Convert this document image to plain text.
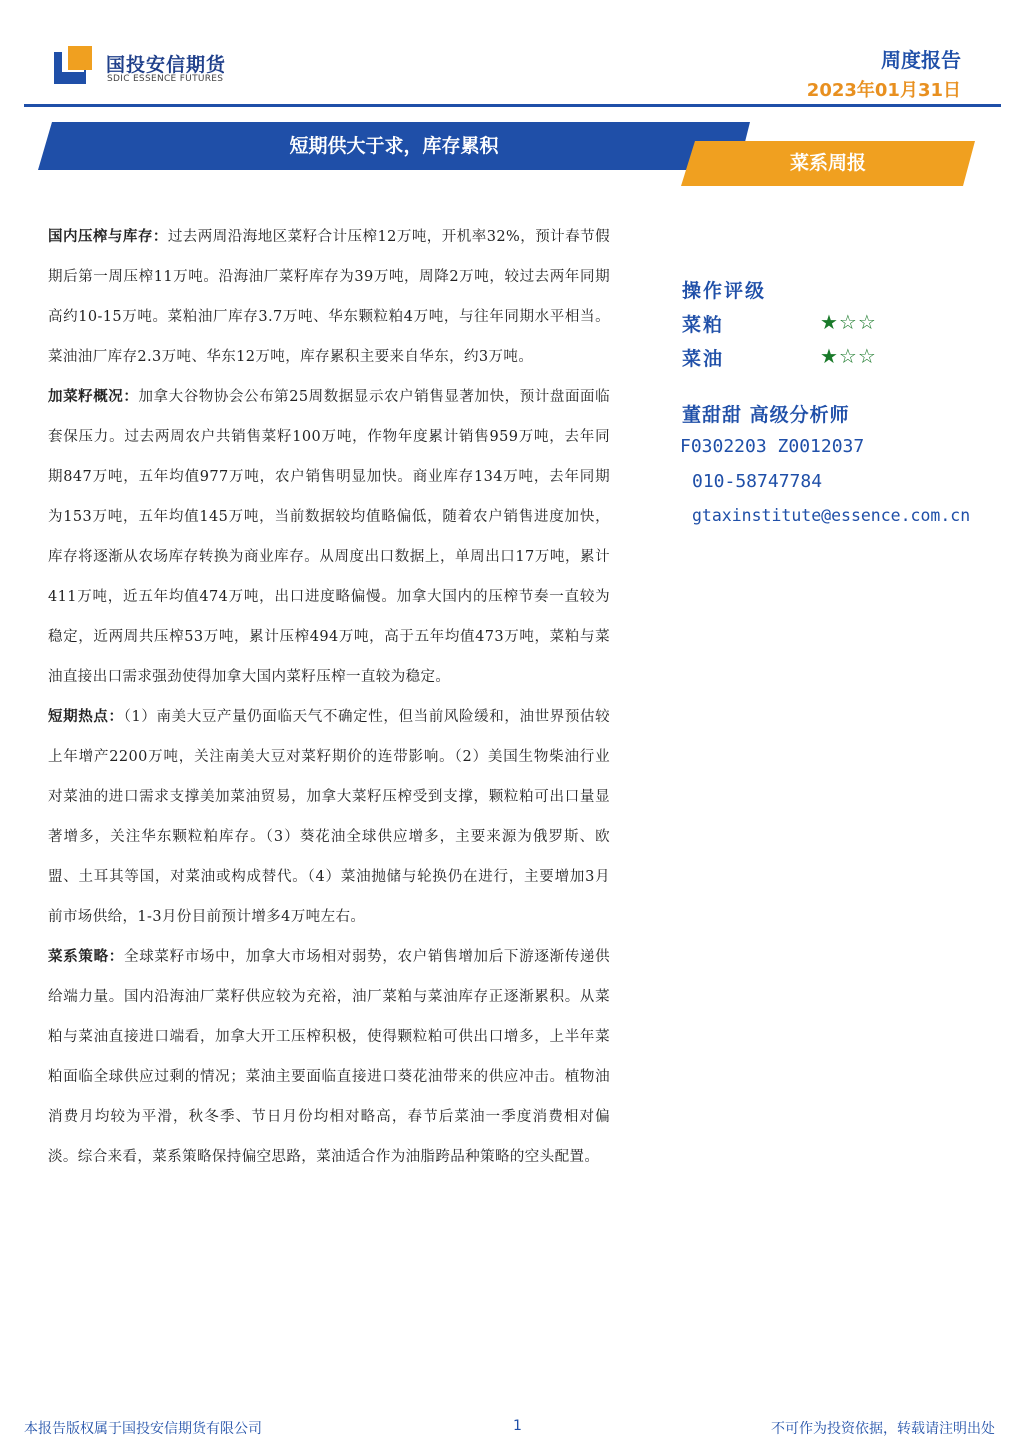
国投安信期货
SDIC ESSENCE FUTURES
周度报告
2023年01月31日
短期供大于求，库存累积
菜系周报

国内压榨与库存：过去两周沿海地区菜籽合计压榨12万吨，开机率32%，预计春节假期后第一周压榨11万吨。沿海油厂菜籽库存为39万吨，周降2万吨，较过去两年同期高约10-15万吨。菜粕油厂库存3.7万吨、华东颗粒粕4万吨，与往年同期水平相当。菜油油厂库存2.3万吨、华东12万吨，库存累积主要来自华东，约3万吨。

加菜籽概况：加拿大谷物协会公布第25周数据显示农户销售显著加快，预计盘面面临套保压力。过去两周农户共销售菜籽100万吨，作物年度累计销售959万吨，去年同期847万吨，五年均值977万吨，农户销售明显加快。商业库存134万吨，去年同期为153万吨，五年均值145万吨，当前数据较均值略偏低，随着农户销售进度加快，库存将逐渐从农场库存转换为商业库存。从周度出口数据上，单周出口17万吨，累计411万吨，近五年均值474万吨，出口进度略偏慢。加拿大国内的压榨节奏一直较为稳定，近两周共压榨53万吨，累计压榨494万吨，高于五年均值473万吨，菜粕与菜油直接出口需求强劲使得加拿大国内菜籽压榨一直较为稳定。

短期热点：（1）南美大豆产量仍面临天气不确定性，但当前风险缓和，油世界预估较上年增产2200万吨，关注南美大豆对菜籽期价的连带影响。（2）美国生物柴油行业对菜油的进口需求支撑美加菜油贸易，加拿大菜籽压榨受到支撑，颗粒粕可出口量显著增多，关注华东颗粒粕库存。（3）葵花油全球供应增多，主要来源为俄罗斯、欧盟、土耳其等国，对菜油或构成替代。（4）菜油抛储与轮换仍在进行，主要增加3月前市场供给，1-3月份目前预计增多4万吨左右。

菜系策略：全球菜籽市场中，加拿大市场相对弱势，农户销售增加后下游逐渐传递供给端力量。国内沿海油厂菜籽供应较为充裕，油厂菜粕与菜油库存正逐渐累积。从菜粕与菜油直接进口端看，加拿大开工压榨积极，使得颗粒粕可供出口增多，上半年菜粕面临全球供应过剩的情况；菜油主要面临直接进口葵花油带来的供应冲击。植物油消费月均较为平滑，秋冬季、节日月份均相对略高，春节后菜油一季度消费相对偏淡。综合来看，菜系策略保持偏空思路，菜油适合作为油脂跨品种策略的空头配置。

操作评级
菜粕	★☆☆
菜油	★☆☆
董甜甜 高级分析师
F0302203 Z0012037
010-58747784
gtaxinstitute@essence.com.cn
本报告版权属于国投安信期货有限公司	1	不可作为投资依据，转载请注明出处
